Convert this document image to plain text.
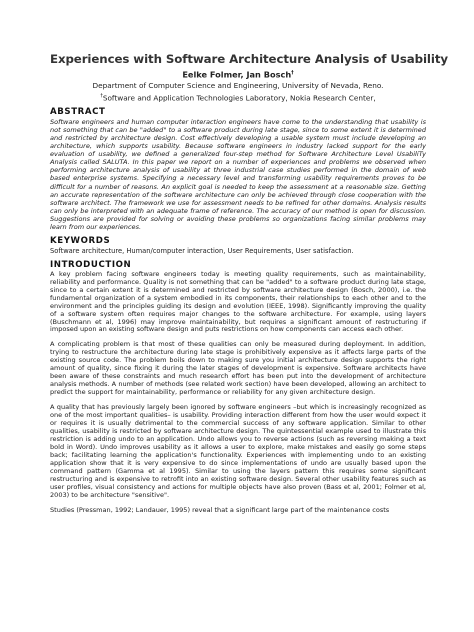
Experiences with Software Architecture Analysis of Usability
Eelke Folmer, Jan Bosch†
Department of Computer Science and Engineering, University of Nevada, Reno.
†Software and Application Technologies Laboratory, Nokia Research Center,
ABSTRACT

Software engineers and human computer interaction engineers have come to the understanding that usability is not something that can be "added" to a software product during late stage, since to some extent it is determined and restricted by architecture design. Cost effectively developing a usable system must include developing an architecture, which supports usability. Because software engineers in industry lacked support for the early evaluation of usability, we defined a generalized four-step method for Software Architecture Level UsabiliTy Analysis called SALUTA. In this paper we report on a number of experiences and problems we observed when performing architecture analysis of usability at three industrial case studies performed in the domain of web based enterprise systems. Specifying a necessary level and transforming usability requirements proves to be difficult for a number of reasons. An explicit goal is needed to keep the assessment at a reasonable size. Getting an accurate representation of the software architecture can only be achieved through close cooperation with the software architect. The framework we use for assessment needs to be refined for other domains. Analysis results can only be interpreted with an adequate frame of reference. The accuracy of our method is open for discussion. Suggestions are provided for solving or avoiding these problems so organizations facing similar problems may learn from our experiences.

KEYWORDS

Software architecture, Human/computer interaction, User Requirements, User satisfaction.

INTRODUCTION

A key problem facing software engineers today is meeting quality requirements, such as maintainability, reliability and performance. Quality is not something that can be "added" to a software product during late stage, since to a certain extent it is determined and restricted by software architecture design (Bosch, 2000), i.e. the fundamental organization of a system embodied in its components, their relationships to each other and to the environment and the principles guiding its design and evolution (IEEE, 1998). Significantly improving the quality of a software system often requires major changes to the software architecture. For example, using layers (Buschmann et al, 1996) may improve maintainability, but requires a significant amount of restructuring if imposed upon an existing software design and puts restrictions on how components can access each other.

A complicating problem is that most of these qualities can only be measured during deployment. In addition, trying to restructure the architecture during late stage is prohibitively expensive as it affects large parts of the existing source code. The problem boils down to making sure you initial architecture design supports the right amount of quality, since fixing it during the later stages of development is expensive. Software architects have been aware of these constraints and much research effort has been put into the development of architecture analysis methods. A number of methods (see related work section) have been developed, allowing an architect to predict the support for maintainability, performance or reliability for any given architecture design.

A quality that has previously largely been ignored by software engineers –but which is increasingly recognized as one of the most important qualities– is usability. Providing interaction different from how the user would expect it or requires it is usually detrimental to the commercial success of any software application. Similar to other qualities, usability is restricted by software architecture design. The quintessential example used to illustrate this restriction is adding undo to an application. Undo allows you to reverse actions (such as reversing making a text bold in Word). Undo improves usability as it allows a user to explore, make mistakes and easily go some steps back; facilitating learning the application's functionality. Experiences with implementing undo to an existing application show that it is very expensive to do since implementations of undo are usually based upon the command pattern (Gamma et al 1995). Similar to using the layers pattern this requires some significant restructuring and is expensive to retrofit into an existing software design. Several other usability features such as user profiles, visual consistency and actions for multiple objects have also proven (Bass et al, 2001; Folmer et al, 2003) to be architecture "sensitive".

Studies (Pressman, 1992; Landauer, 1995) reveal that a significant large part of the maintenance costs
